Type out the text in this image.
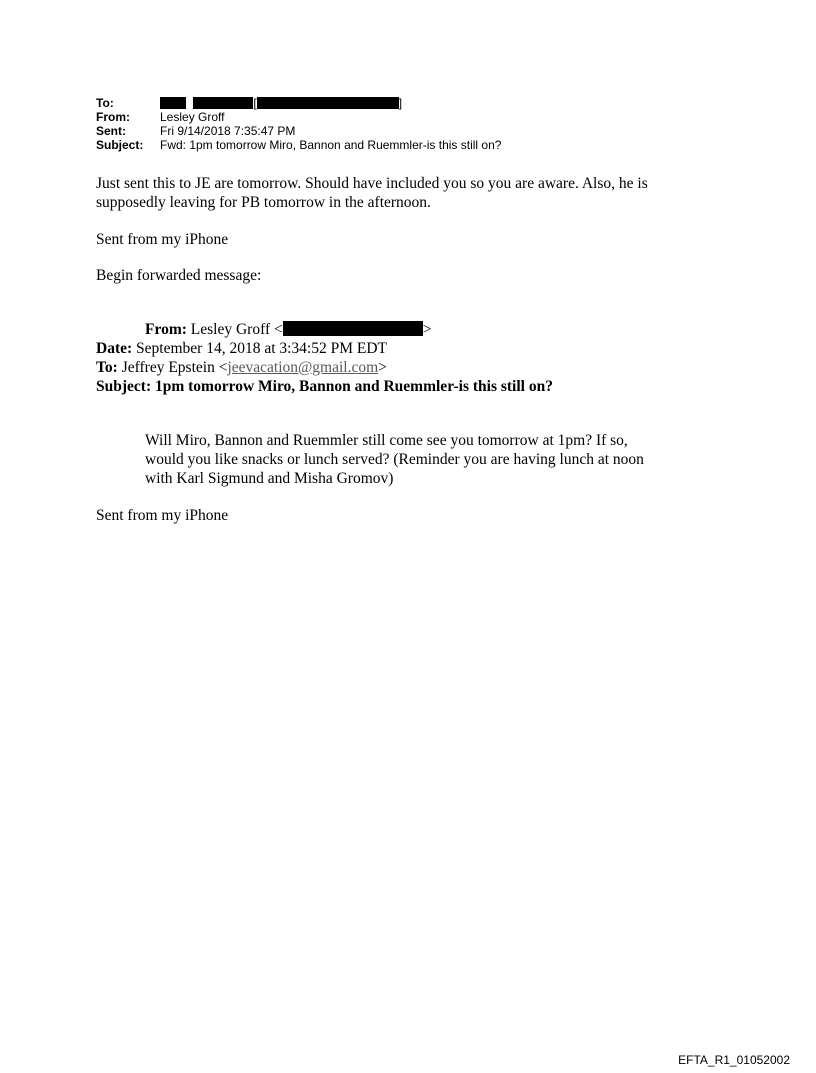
To:	[	]
From:	Lesley Groff
Sent:	Fri 9/14/2018 7:35:47 PM
Subject:	Fwd: 1pm tomorrow Miro, Bannon and Ruemmler-is this still on?
Just sent this to JE are tomorrow. Should have included you so you are aware. Also, he is
supposedly leaving for PB tomorrow in the afternoon.
Sent from my iPhone
Begin forwarded message:
From: Lesley Groff <	>
Date: September 14, 2018 at 3:34:52 PM EDT
To: Jeffrey Epstein <jeevacation@gmail.com>
Subject: 1pm tomorrow Miro, Bannon and Ruemmler-is this still on?
Will Miro, Bannon and Ruemmler still come see you tomorrow at 1pm? If so,
would you like snacks or lunch served? (Reminder you are having lunch at noon
with Karl Sigmund and Misha Gromov)
Sent from my iPhone
EFTA_R1_01052002
